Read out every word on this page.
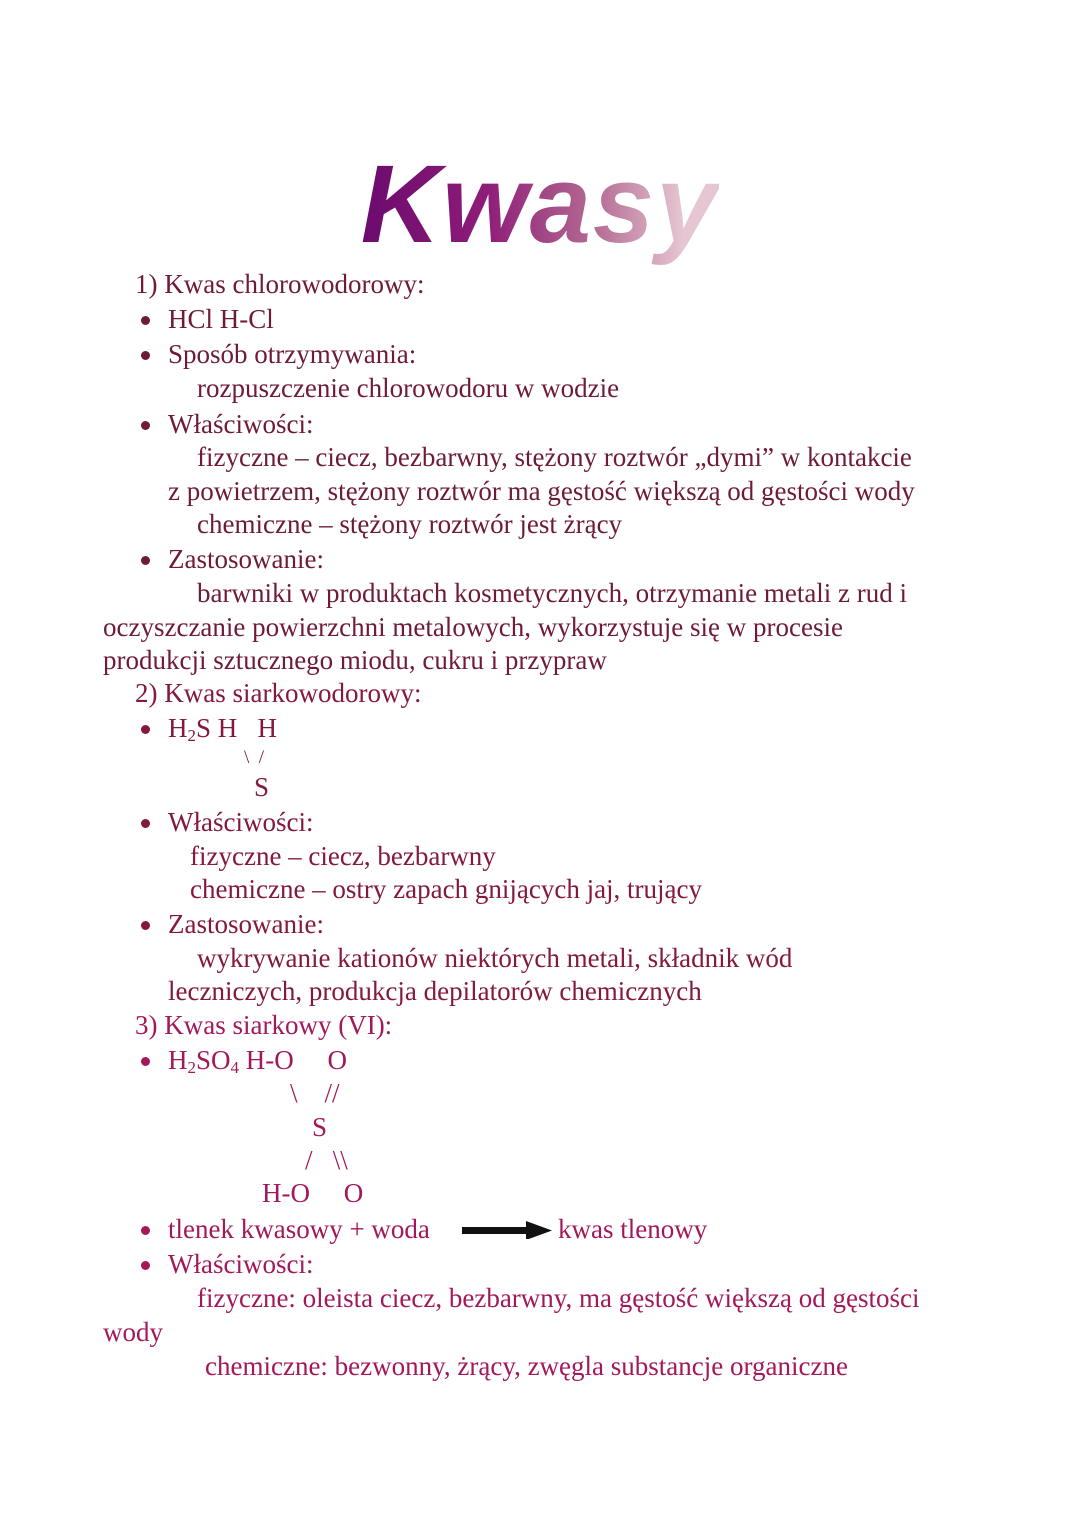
Kwasy
1) Kwas chlorowodorowy:
HCl H-Cl
Sposób otrzymywania:
rozpuszczenie chlorowodoru w wodzie
Właściwości:
fizyczne – ciecz, bezbarwny, stężony roztwór „dymi” w kontakcie
z powietrzem, stężony roztwór ma gęstość większą od gęstości wody
chemiczne – stężony roztwór jest żrący
Zastosowanie:
barwniki w produktach kosmetycznych, otrzymanie metali z rud i
oczyszczanie powierzchni metalowych, wykorzystuje się w procesie
produkcji sztucznego miodu, cukru i przypraw
2) Kwas siarkowodorowy:
$H_2S$ H   H
\  /
S
Właściwości:
fizyczne – ciecz, bezbarwny
chemiczne – ostry zapach gnijących jaj, trujący
Zastosowanie:
wykrywanie kationów niektórych metali, składnik wód
leczniczych, produkcja depilatorów chemicznych
3) Kwas siarkowy (VI):
$H_2SO_4$ H-O     O
\    //
S
/   \\
H-O     O
tlenek kwasowy + woda	kwas tlenowy
Właściwości:
fizyczne: oleista ciecz, bezbarwny, ma gęstość większą od gęstości
wody
chemiczne: bezwonny, żrący, zwęgla substancje organiczne
